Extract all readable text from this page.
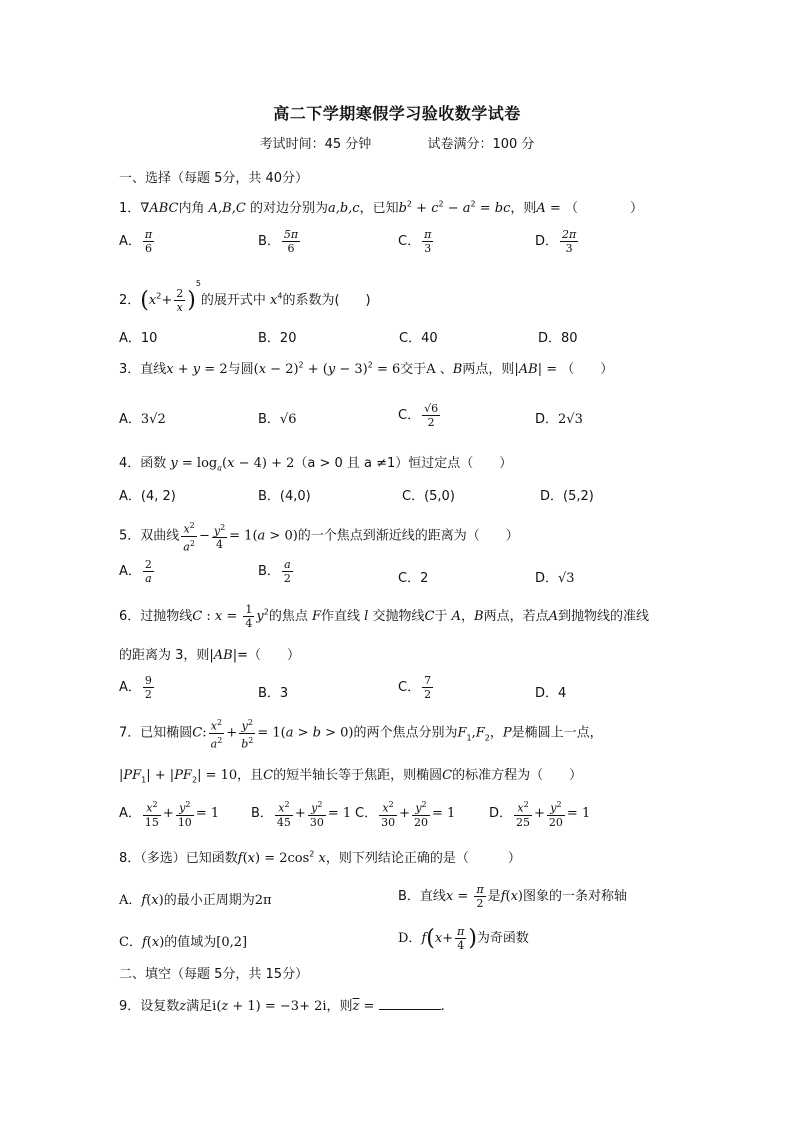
高二下学期寒假学习验收数学试卷
考试时间：45 分钟	试卷满分：100 分
一、选择（每题 5分，共 40分）
1．∇ABC内角 A,B,C 的对边分别为a,b,c，已知$b^2 + c^2 - a^2$ = bc，则A = （　　　　）
A． $\frac{\pi}{6}$	B． $\frac{5\pi}{6}$	C． $\frac{\pi}{3}$	D． $\frac{2\pi}{3}$
2．$(x^2+ \frac{2}{x} )^5$的展开式中 $x^4$的系数为(　　)
A．10	B．20	C．40	D．80
3．直线x + y = 2与圆$(x - 2)^2 + (y - 3)^2 = 6$交于A 、B两点，则|AB| = （　　）
A．3√2	B．√6	C． $\frac{√6}{2}$	D．2√3
4．函数 $y = \log_a(x - 4) + 2(a > 0$ 且 a ≠1）恒过定点（　　）
A．(4, 2)	B．(4,0)	C．(5,0)	D．(5,2)
5．双曲线 $\frac{x^2}{a^2} - \frac{y^2}{4} = 1(a > 0)$的一个焦点到渐近线的距离为（　　）
A． $\frac{2}{a}$	B． $\frac{a}{2}$	C．2	D．√3
6．过抛物线C : $x = \frac{1}{4} y^2$的焦点 F作直线 l 交抛物线C于 A，B两点，若点A到抛物线的准线
的距离为 3，则|AB|=（　　）
A． $\frac{9}{2}$	B．3	C． $\frac{7}{2}$	D．4
7．已知椭圆C: $\frac{x^2}{a^2} + \frac{y^2}{b^2} = 1(a > b > 0)$的两个焦点分别为$F_1,F_2$，P是椭圆上一点，
$|PF_1| + |PF_2| = 10$，且C的短半轴长等于焦距，则椭圆C的标准方程为（　　）
A． $\frac{x^2}{15} + \frac{y^2}{10} = 1$ B． $\frac{x^2}{45} + \frac{y^2}{30} = 1$ C． $\frac{x^2}{30} + \frac{y^2}{20} = 1$	D． $\frac{x^2}{25} + \frac{y^2}{20} = 1$
8．（多选）已知函数$f(x) = 2\cos^2$ x，则下列结论正确的是（　　　）
A．f(x)的最小正周期为2π	B．直线$x = \frac{\pi}{2}$ 是f(x)图象的一条对称轴
C．f(x)的值域为[0,2]	D．$f(x+ \frac{\pi}{4}$ )为奇函数
二、填空（每题 5分，共 15分）
9．设复数z满足i(z + 1) = −3+ 2i，则$\overline{z}$ =	.
